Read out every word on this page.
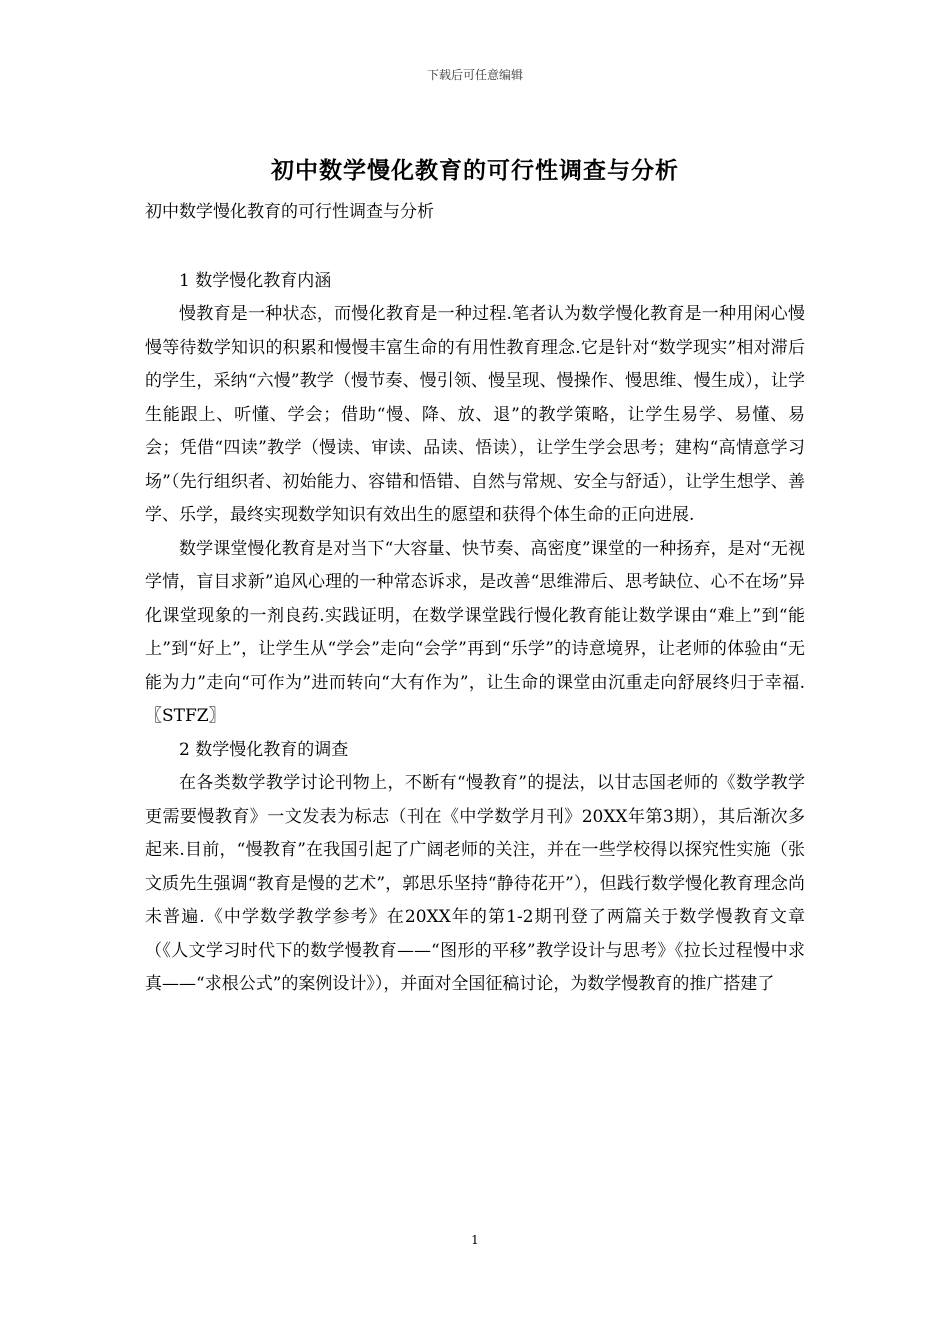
下载后可任意编辑
初中数学慢化教育的可行性调查与分析

初中数学慢化教育的可行性调查与分析

1 数学慢化教育内涵

慢教育是一种状态，而慢化教育是一种过程.笔者认为数学慢化教育是一种用闲心慢慢等待数学知识的积累和慢慢丰富生命的有用性教育理念.它是针对“数学现实”相对滞后的学生，采纳“六慢”教学（慢节奏、慢引领、慢呈现、慢操作、慢思维、慢生成），让学生能跟上、听懂、学会；借助“慢、降、放、退”的教学策略，让学生易学、易懂、易会；凭借“四读”教学（慢读、审读、品读、悟读），让学生学会思考；建构“高情意学习场”（先行组织者、初始能力、容错和悟错、自然与常规、安全与舒适），让学生想学、善学、乐学，最终实现数学知识有效出生的愿望和获得个体生命的正向进展.

数学课堂慢化教育是对当下“大容量、快节奏、高密度”课堂的一种扬弃，是对“无视学情，盲目求新”追风心理的一种常态诉求，是改善“思维滞后、思考缺位、心不在场”异化课堂现象的一剂良药.实践证明，在数学课堂践行慢化教育能让数学课由“难上”到“能上”到“好上”，让学生从“学会”走向“会学”再到“乐学”的诗意境界，让老师的体验由“无能为力”走向“可作为”进而转向“大有作为”，让生命的课堂由沉重走向舒展终归于幸福.〖STFZ〗

2 数学慢化教育的调查

在各类数学教学讨论刊物上，不断有“慢教育”的提法，以甘志国老师的《数学教学更需要慢教育》一文发表为标志（刊在《中学数学月刊》20XX年第3期），其后渐次多起来.目前，“慢教育”在我国引起了广阔老师的关注，并在一些学校得以探究性实施（张文质先生强调“教育是慢的艺术”，郭思乐坚持“静待花开”），但践行数学慢化教育理念尚未普遍.《中学数学教学参考》在20XX年的第1-2期刊登了两篇关于数学慢教育文章（《人文学习时代下的数学慢教育——“图形的平移”教学设计与思考》《拉长过程慢中求真——“求根公式”的案例设计》），并面对全国征稿讨论，为数学慢教育的推广搭建了

1
